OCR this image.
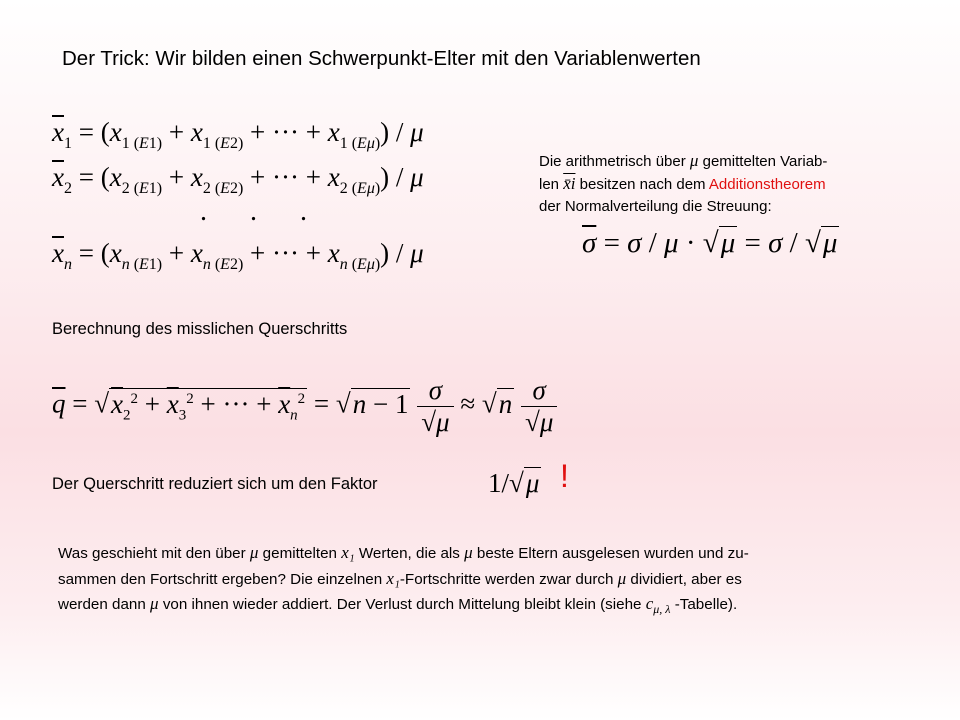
Der Trick: Wir bilden einen Schwerpunkt-Elter mit den Variablenwerten
$\overline{x}_1 = (x_{1 (E1)} + x_{1 (E2)}$ + ··· + $x_{1 (E\mu)}$) / μ
$\overline{x}_2 = (x_{2 (E1)} + x_{2 (E2)}$ + ··· + $x_{2 (E\mu)}$) / μ
. . .
$\overline{x}_n = (x_{n (E1)} + x_{n (E2)}$ + ··· + $x_{n (E\mu)}$) / μ
Die arithmetrisch über μ gemittelten Variab-
len x̄i besitzen nach dem Additionstheorem
der Normalverteilung die Streuung:
$\overline{\sigma} = \sigma / \mu \cdot √\mu = \sigma / √\mu$
Berechnung des misslichen Querschritts
$\overline{q} = √x_2^2 + \overline{x}_3^2$ + ··· + $\overline{x}_n^2 = √n - 1 \frac{\sigma}{√\mu} \approx √n \frac{\sigma}{√\mu}$
Der Querschritt reduziert sich um den Faktor	1/√μ !
Was geschieht mit den über μ gemittelten x₁ Werten, die als μ beste Eltern ausgelesen wurden und zu-
sammen den Fortschritt ergeben? Die einzelnen x₁-Fortschritte werden zwar durch μ dividiert, aber es
werden dann μ von ihnen wieder addiert. Der Verlust durch Mittelung bleibt klein (siehe $c_{\mu, \lambda}$ -Tabelle).
